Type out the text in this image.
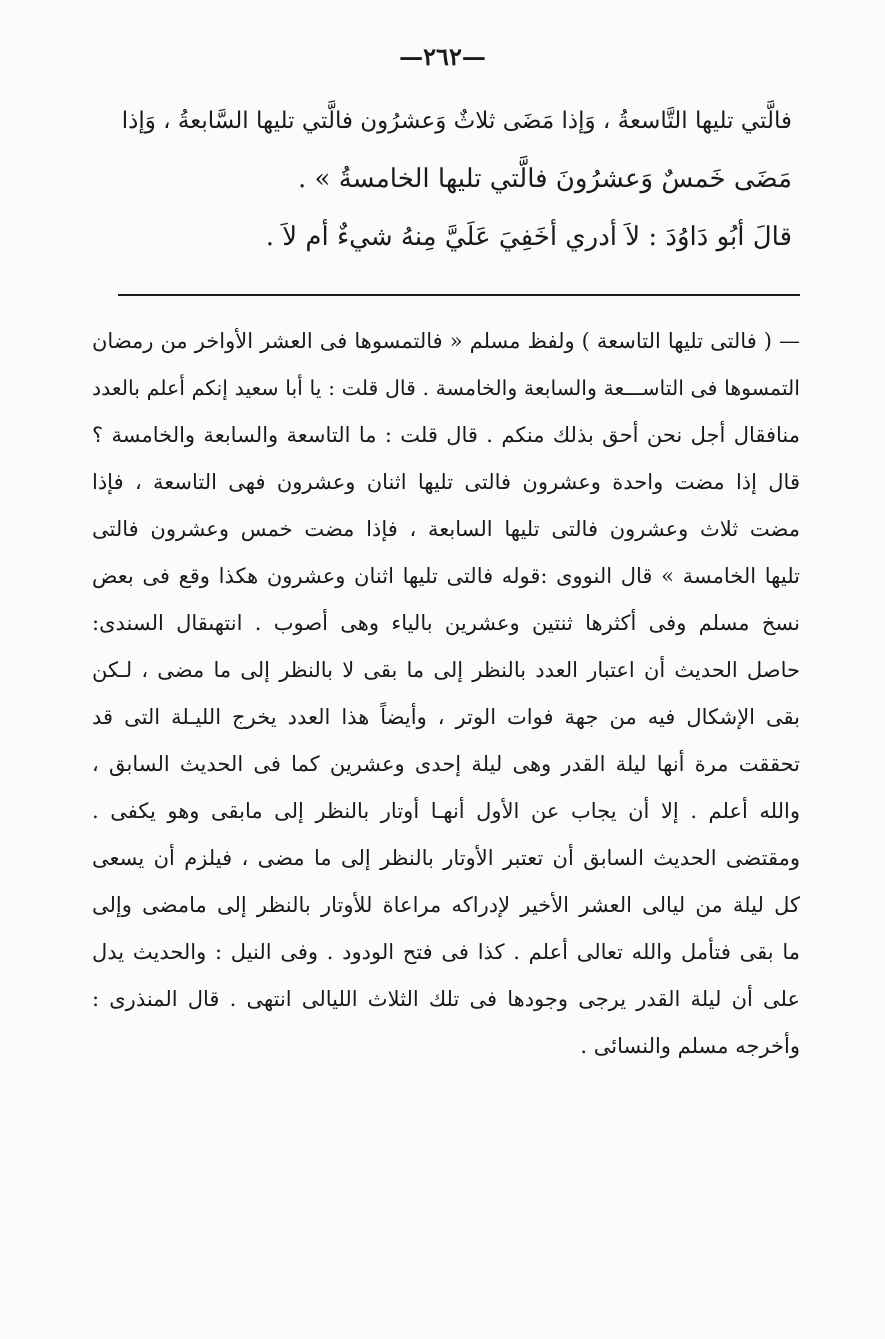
—٢٦٢—
فالَّتي تليها التَّاسعةُ ، وَإذا مَضَى ثلاثٌ وَعشرُون فالَّتي تليها السَّابعةُ ، وَإذا
مَضَى خَمسٌ وَعشرُونَ فالَّتي تليها الخامسةُ » .
قالَ أبُو دَاوُدَ : لاَ أدري أخَفِيَ عَلَيَّ مِنهُ شيءٌ أم لاَ .
— ( فالتى تليها التاسعة ) ولفظ مسلم « فالتمسوها فى العشر الأواخر من رمضان
التمسوها فى التاســـعة والسابعة والخامسة . قال قلت : يا أبا سعيد إنكم أعلم بالعدد
منافقال أجل نحن أحق بذلك منكم . قال قلت : ما التاسعة والسابعة والخامسة ؟
قال إذا مضت واحدة وعشرون فالتى تليها اثنان وعشرون فهى التاسعة ، فإذا
مضت ثلاث وعشرون فالتى تليها السابعة ، فإذا مضت خمس وعشرون فالتى
تليها الخامسة » قال النووى :قوله فالتى تليها اثنان وعشرون هكذا وقع فى بعض
نسخ مسلم وفى أكثرها ثنتين وعشرين بالياء وهى أصوب . انتهىقال السندى:
حاصل الحديث أن اعتبار العدد بالنظر إلى ما بقى لا بالنظر إلى ما مضى ، لـكن
بقى الإشكال فيه من جهة فوات الوتر ، وأيضاً هذا العدد يخرج الليـلة التى قد
تحققت مرة أنها ليلة القدر وهى ليلة إحدى وعشرين كما فى الحديث السابق ،
والله أعلم . إلا أن يجاب عن الأول أنهـا أوتار بالنظر إلى مابقى وهو يكفى .
ومقتضى الحديث السابق أن تعتبر الأوتار بالنظر إلى ما مضى ، فيلزم أن يسعى
كل ليلة من ليالى العشر الأخير لإدراكه مراعاة للأوتار بالنظر إلى مامضى وإلى
ما بقى فتأمل والله تعالى أعلم . كذا فى فتح الودود . وفى النيل : والحديث يدل
على أن ليلة القدر يرجى وجودها فى تلك الثلاث الليالى انتهى . قال المنذرى :
وأخرجه مسلم والنسائى .
